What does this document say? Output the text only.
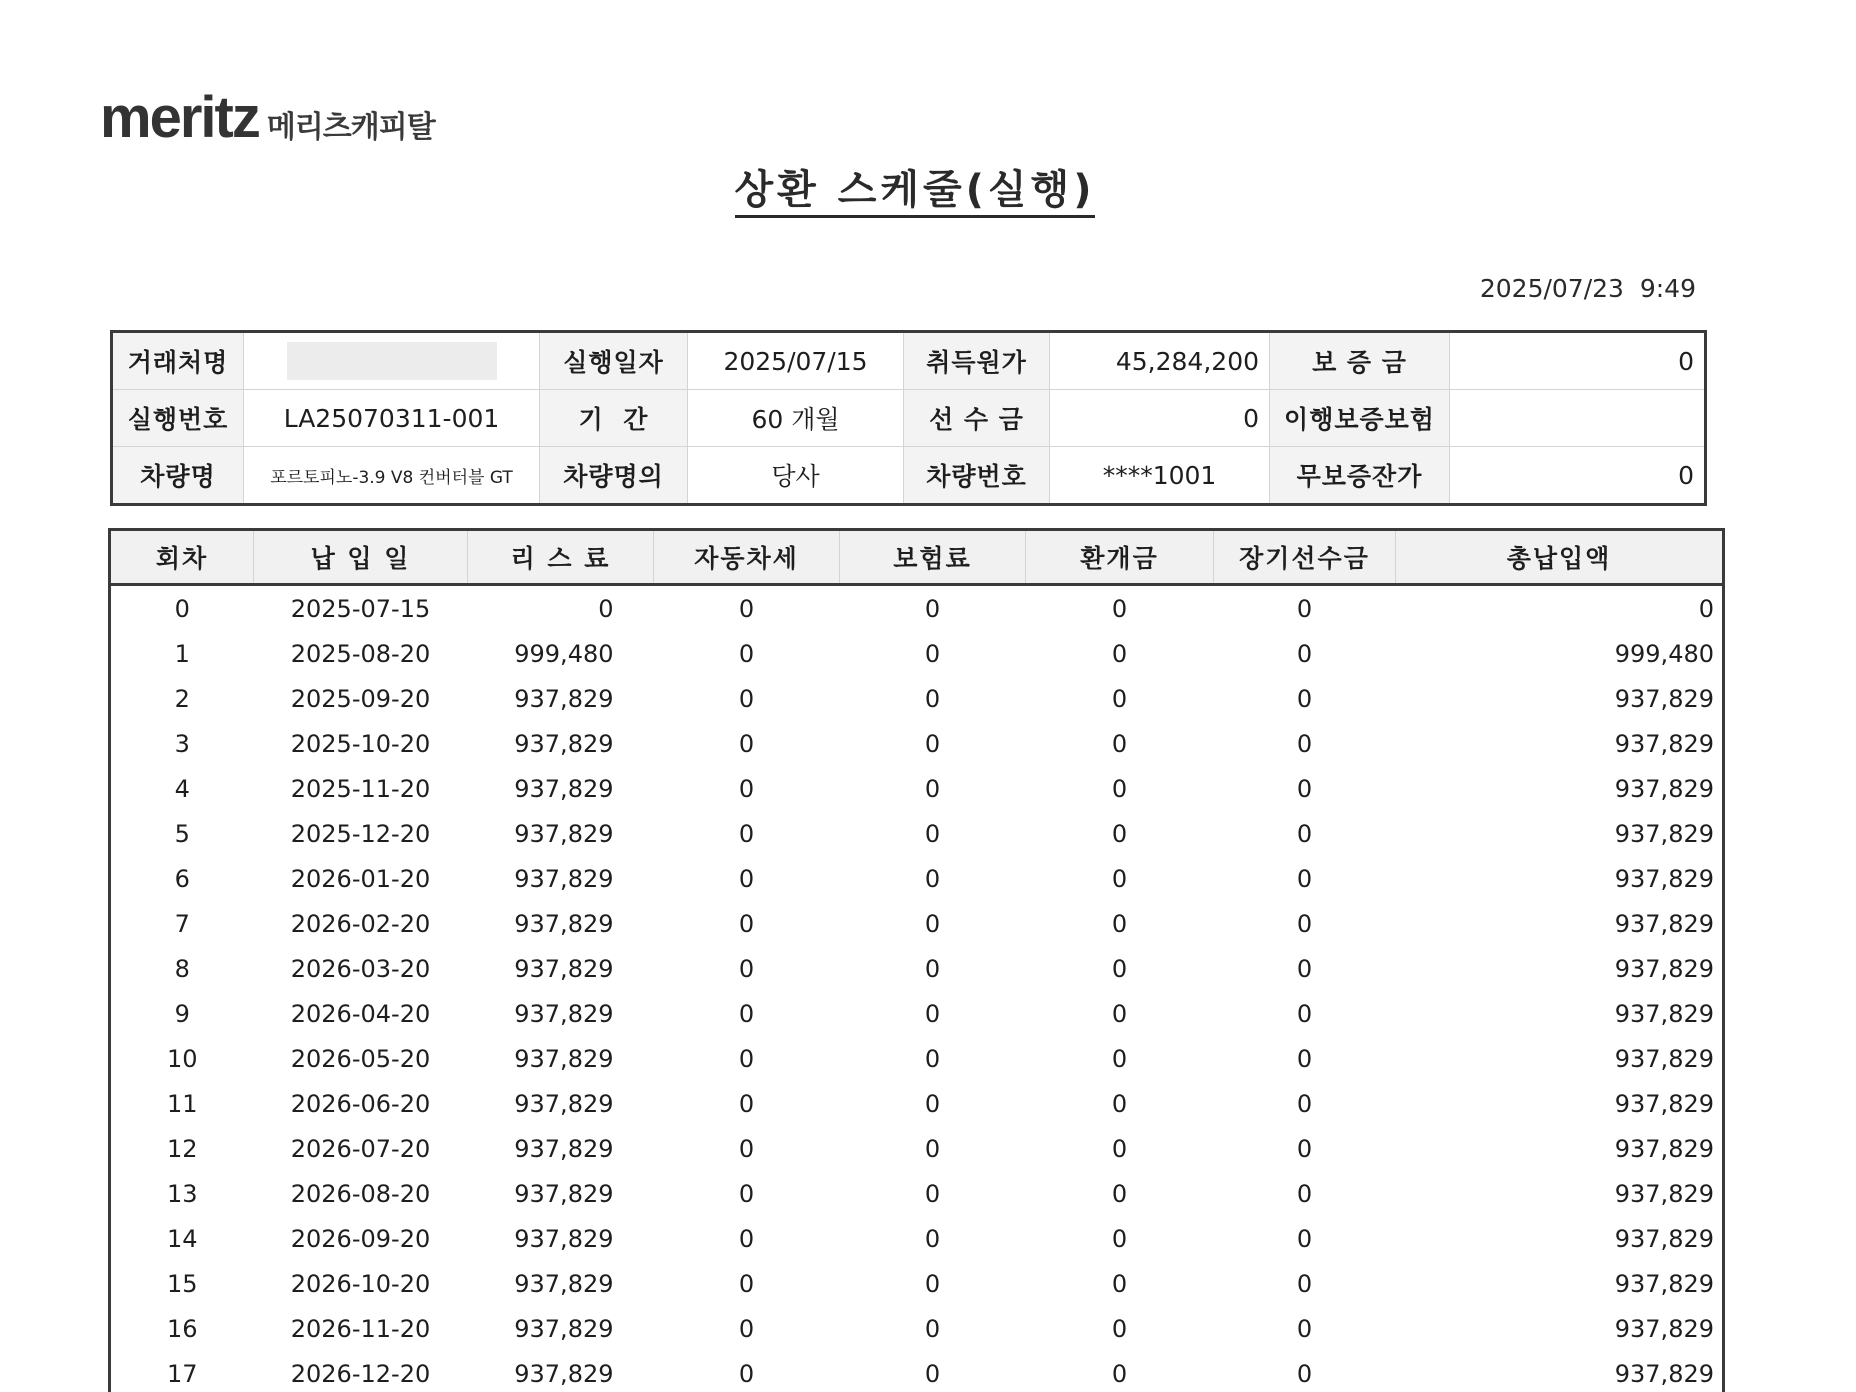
meritz 메리츠캐피탈
상환 스케줄(실행)
2025/07/23  9:49
거래처명		실행일자	2025/07/15	취득원가	45,284,200	보 증 금	0
실행번호	LA25070311-001	기  간	60 개월	선 수 금	0	이행보증보험	
차량명	포르토피노-3.9 V8 컨버터블 GT	차량명의	당사	차량번호	****1001	무보증잔가	0
회차	납 입 일	리 스 료	자동차세	보험료	환개금	장기선수금	총납입액
0	2025-07-15	0	0	0	0	0	0
1	2025-08-20	999,480	0	0	0	0	999,480
2	2025-09-20	937,829	0	0	0	0	937,829
3	2025-10-20	937,829	0	0	0	0	937,829
4	2025-11-20	937,829	0	0	0	0	937,829
5	2025-12-20	937,829	0	0	0	0	937,829
6	2026-01-20	937,829	0	0	0	0	937,829
7	2026-02-20	937,829	0	0	0	0	937,829
8	2026-03-20	937,829	0	0	0	0	937,829
9	2026-04-20	937,829	0	0	0	0	937,829
10	2026-05-20	937,829	0	0	0	0	937,829
11	2026-06-20	937,829	0	0	0	0	937,829
12	2026-07-20	937,829	0	0	0	0	937,829
13	2026-08-20	937,829	0	0	0	0	937,829
14	2026-09-20	937,829	0	0	0	0	937,829
15	2026-10-20	937,829	0	0	0	0	937,829
16	2026-11-20	937,829	0	0	0	0	937,829
17	2026-12-20	937,829	0	0	0	0	937,829
